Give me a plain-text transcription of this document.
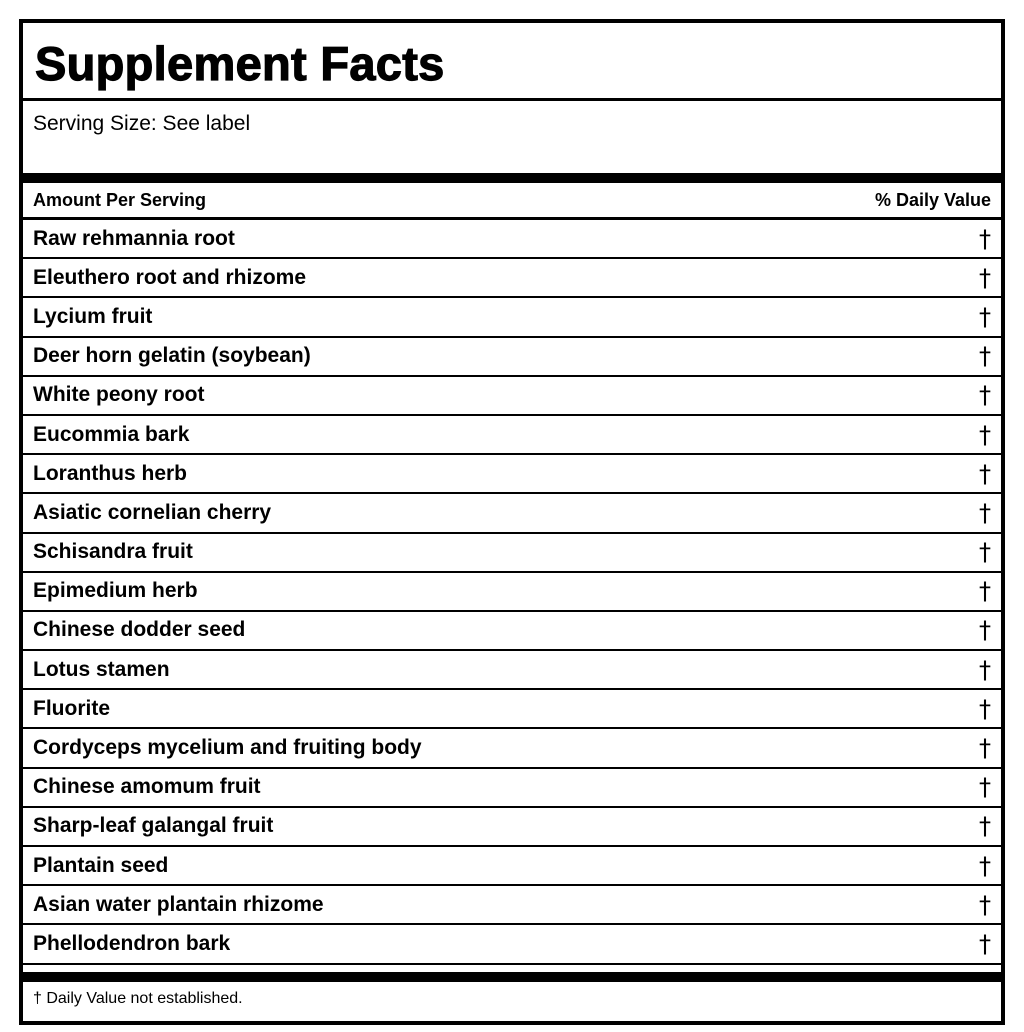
Supplement Facts
Serving Size: See label
Amount Per Serving	% Daily Value
Raw rehmannia root	†
Eleuthero root and rhizome	†
Lycium fruit	†
Deer horn gelatin (soybean)	†
White peony root	†
Eucommia bark	†
Loranthus herb	†
Asiatic cornelian cherry	†
Schisandra fruit	†
Epimedium herb	†
Chinese dodder seed	†
Lotus stamen	†
Fluorite	†
Cordyceps mycelium and fruiting body	†
Chinese amomum fruit	†
Sharp-leaf galangal fruit	†
Plantain seed	†
Asian water plantain rhizome	†
Phellodendron bark	†
† Daily Value not established.
